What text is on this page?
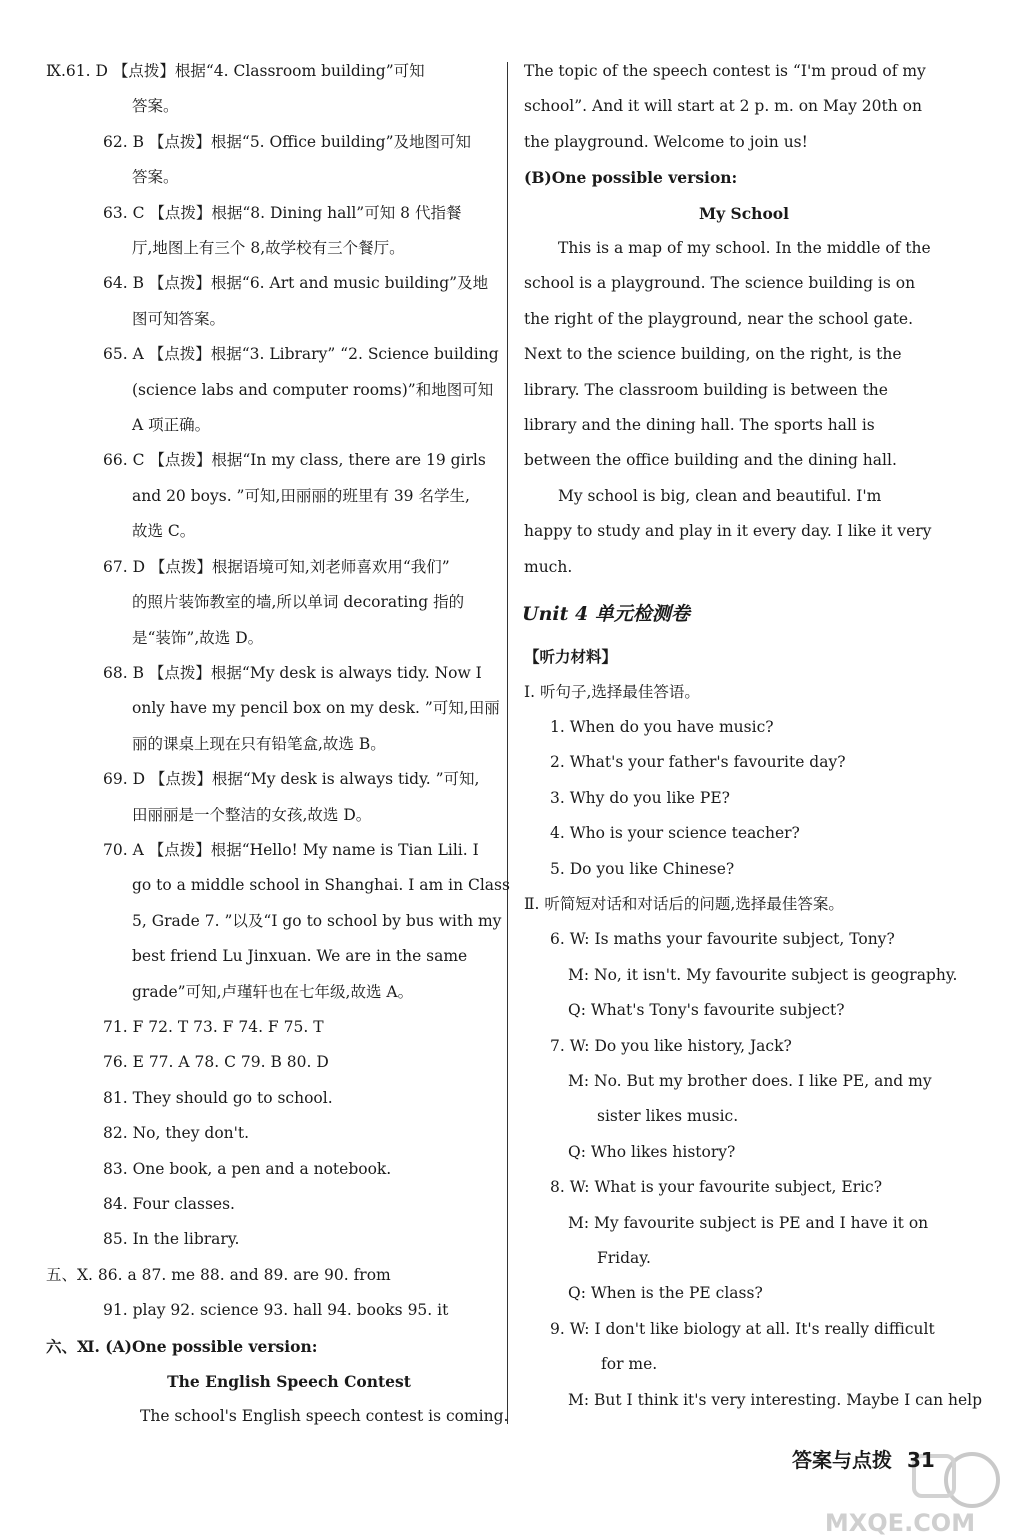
Ⅸ.61. D 【点拨】根据“4. Classroom building”可知
答案。
62. B 【点拨】根据“5. Office building”及地图可知
答案。
63. C 【点拨】根据“8. Dining hall”可知 8 代指餐
厅,地图上有三个 8,故学校有三个餐厅。
64. B 【点拨】根据“6. Art and music building”及地
图可知答案。
65. A 【点拨】根据“3. Library” “2. Science building
(science labs and computer rooms)”和地图可知
A 项正确。
66. C 【点拨】根据“In my class, there are 19 girls
and 20 boys. ”可知,田丽丽的班里有 39 名学生,
故选 C。
67. D 【点拨】根据语境可知,刘老师喜欢用“我们”
的照片装饰教室的墙,所以单词 decorating 指的
是“装饰”,故选 D。
68. B 【点拨】根据“My desk is always tidy. Now I
only have my pencil box on my desk. ”可知,田丽
丽的课桌上现在只有铅笔盒,故选 B。
69. D 【点拨】根据“My desk is always tidy. ”可知,
田丽丽是一个整洁的女孩,故选 D。
70. A 【点拨】根据“Hello! My name is Tian Lili. I
go to a middle school in Shanghai. I am in Class
5, Grade 7. ”以及“I go to school by bus with my
best friend Lu Jinxuan. We are in the same
grade”可知,卢瑾轩也在七年级,故选 A。
71. F 72. T 73. F 74. F 75. T
76. E 77. A 78. C 79. B 80. D
81. They should go to school.
82. No, they don't.
83. One book, a pen and a notebook.
84. Four classes.
85. In the library.
五、Ⅹ. 86. a 87. me 88. and 89. are 90. from
91. play 92. science 93. hall 94. books 95. it
六、Ⅺ. (A)One possible version:
The English Speech Contest
The school's English speech contest is coming.
The topic of the speech contest is “I'm proud of my
school”. And it will start at 2 p. m. on May 20th on
the playground. Welcome to join us!
(B)One possible version:
My School
This is a map of my school. In the middle of the
school is a playground. The science building is on
the right of the playground, near the school gate.
Next to the science building, on the right, is the
library. The classroom building is between the
library and the dining hall. The sports hall is
between the office building and the dining hall.
My school is big, clean and beautiful. I'm
happy to study and play in it every day. I like it very
much.
Unit 4 单元检测卷
【听力材料】
Ⅰ. 听句子,选择最佳答语。
1. When do you have music?
2. What's your father's favourite day?
3. Why do you like PE?
4. Who is your science teacher?
5. Do you like Chinese?
Ⅱ. 听简短对话和对话后的问题,选择最佳答案。
6. W: Is maths your favourite subject, Tony?
M: No, it isn't. My favourite subject is geography.
Q: What's Tony's favourite subject?
7. W: Do you like history, Jack?
M: No. But my brother does. I like PE, and my
sister likes music.
Q: Who likes history?
8. W: What is your favourite subject, Eric?
M: My favourite subject is PE and I have it on
Friday.
Q: When is the PE class?
9. W: I don't like biology at all. It's really difficult
for me.
M: But I think it's very interesting. Maybe I can help
MXQE.COM
答案与点拨 31
